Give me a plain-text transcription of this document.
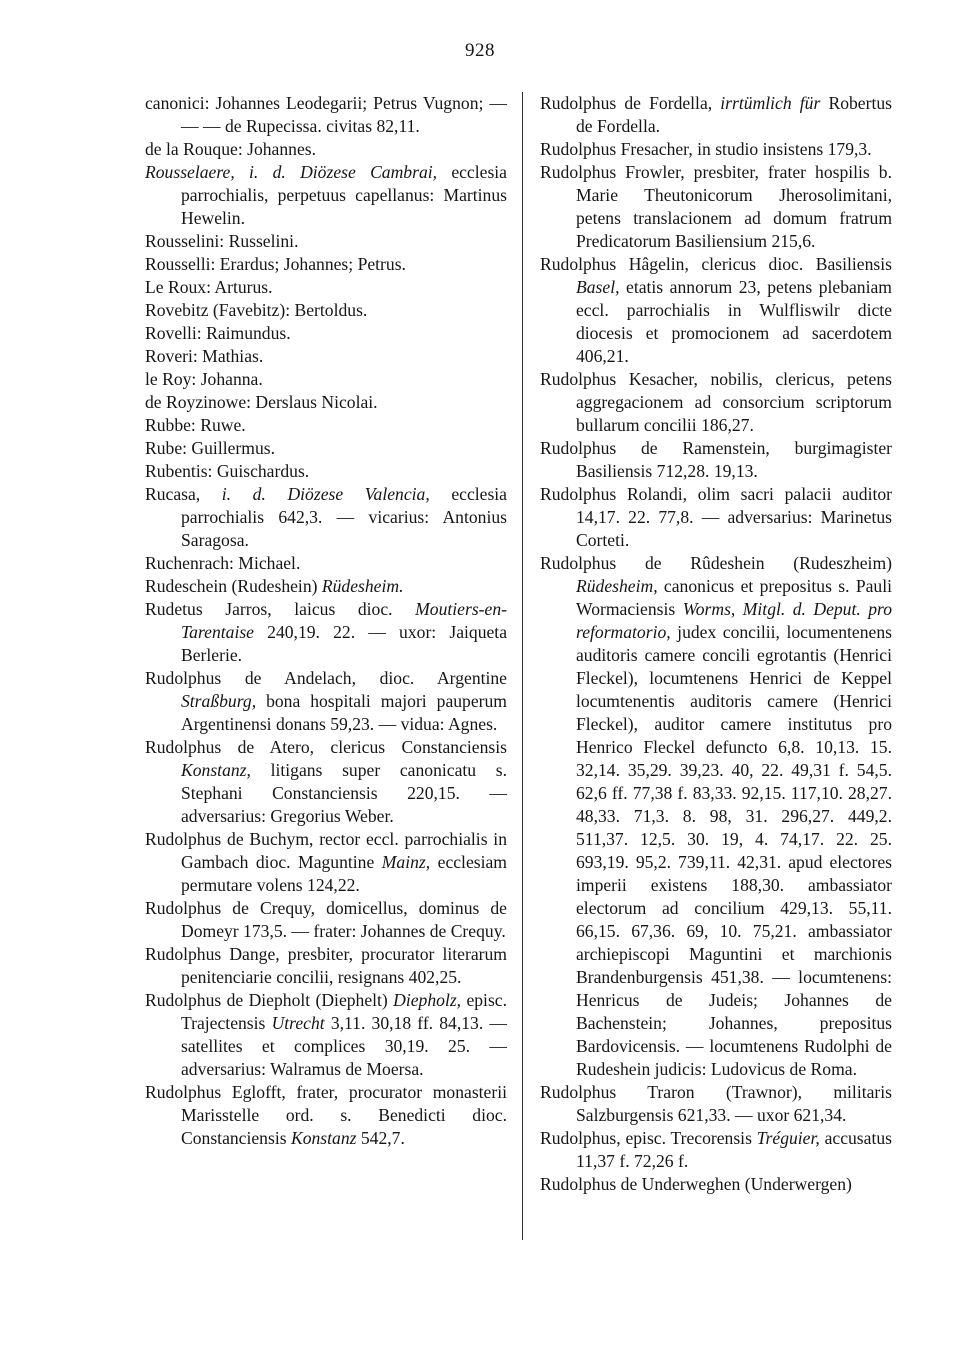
928

canonici: Johannes Leodegarii; Petrus Vugnon; — — — de Rupecissa. civitas 82,11.

de la Rouque: Johannes.

Rousselaere, i. d. Diözese Cambrai, ecclesia parrochialis, perpetuus capellanus: Martinus Hewelin.

Rousselini: Russelini.

Rousselli: Erardus; Johannes; Petrus.

Le Roux: Arturus.

Rovebitz (Favebitz): Bertoldus.

Rovelli: Raimundus.

Roveri: Mathias.

le Roy: Johanna.

de Royzinowe: Derslaus Nicolai.

Rubbe: Ruwe.

Rube: Guillermus.

Rubentis: Guischardus.

Rucasa, i. d. Diözese Valencia, ecclesia parrochialis 642,3. — vicarius: Antonius Saragosa.

Ruchenrach: Michael.

Rudeschein (Rudeshein) Rüdesheim.

Rudetus Jarros, laicus dioc. Moutiers-en-Tarentaise 240,19. 22. — uxor: Jaiqueta Berlerie.

Rudolphus de Andelach, dioc. Argentine Straßburg, bona hospitali majori pauperum Argentinensi donans 59,23. — vidua: Agnes.

Rudolphus de Atero, clericus Constanciensis Konstanz, litigans super canonicatu s. Stephani Constanciensis 220,15. — adversarius: Gregorius Weber.

Rudolphus de Buchym, rector eccl. parrochialis in Gambach dioc. Maguntine Mainz, ecclesiam permutare volens 124,22.

Rudolphus de Crequy, domicellus, dominus de Domeyr 173,5. — frater: Johannes de Crequy.

Rudolphus Dange, presbiter, procurator literarum penitenciarie concilii, resignans 402,25.

Rudolphus de Diepholt (Diephelt) Diepholz, episc. Trajectensis Utrecht 3,11. 30,18 ff. 84,13. — satellites et complices 30,19. 25. — adversarius: Walramus de Moersa.

Rudolphus Eglofft, frater, procurator monasterii Marisstelle ord. s. Benedicti dioc. Constanciensis Konstanz 542,7.

Rudolphus de Fordella, irrtümlich für Robertus de Fordella.

Rudolphus Fresacher, in studio insistens 179,3.

Rudolphus Frowler, presbiter, frater hospilis b. Marie Theutonicorum Jherosolimitani, petens translacionem ad domum fratrum Predicatorum Basiliensium 215,6.

Rudolphus Hâgelin, clericus dioc. Basiliensis Basel, etatis annorum 23, petens plebaniam eccl. parrochialis in Wulfliswilr dicte diocesis et promocionem ad sacerdotem 406,21.

Rudolphus Kesacher, nobilis, clericus, petens aggregacionem ad consorcium scriptorum bullarum concilii 186,27.

Rudolphus de Ramenstein, burgimagister Basiliensis 712,28. 19,13.

Rudolphus Rolandi, olim sacri palacii auditor 14,17. 22. 77,8. — adversarius: Marinetus Corteti.

Rudolphus de Rûdeshein (Rudeszheim) Rüdesheim, canonicus et prepositus s. Pauli Wormaciensis Worms, Mitgl. d. Deput. pro reformatorio, judex concilii, locumentenens auditoris camere concili egrotantis (Henrici Fleckel), locumtenens Henrici de Keppel locumtenentis auditoris camere (Henrici Fleckel), auditor camere institutus pro Henrico Fleckel defuncto 6,8. 10,13. 15. 32,14. 35,29. 39,23. 40, 22. 49,31 f. 54,5. 62,6 ff. 77,38 f. 83,33. 92,15. 117,10. 28,27. 48,33. 71,3. 8. 98, 31. 296,27. 449,2. 511,37. 12,5. 30. 19, 4. 74,17. 22. 25. 693,19. 95,2. 739,11. 42,31. apud electores imperii existens 188,30. ambassiator electorum ad concilium 429,13. 55,11. 66,15. 67,36. 69, 10. 75,21. ambassiator archiepiscopi Maguntini et marchionis Brandenburgensis 451,38. — locumtenens: Henricus de Judeis; Johannes de Bachenstein; Johannes, prepositus Bardovicensis. — locumtenens Rudolphi de Rudeshein judicis: Ludovicus de Roma.

Rudolphus Traron (Trawnor), militaris Salzburgensis 621,33. — uxor 621,34.

Rudolphus, episc. Trecorensis Tréguier, accusatus 11,37 f. 72,26 f.

Rudolphus de Underweghen (Underwergen)
